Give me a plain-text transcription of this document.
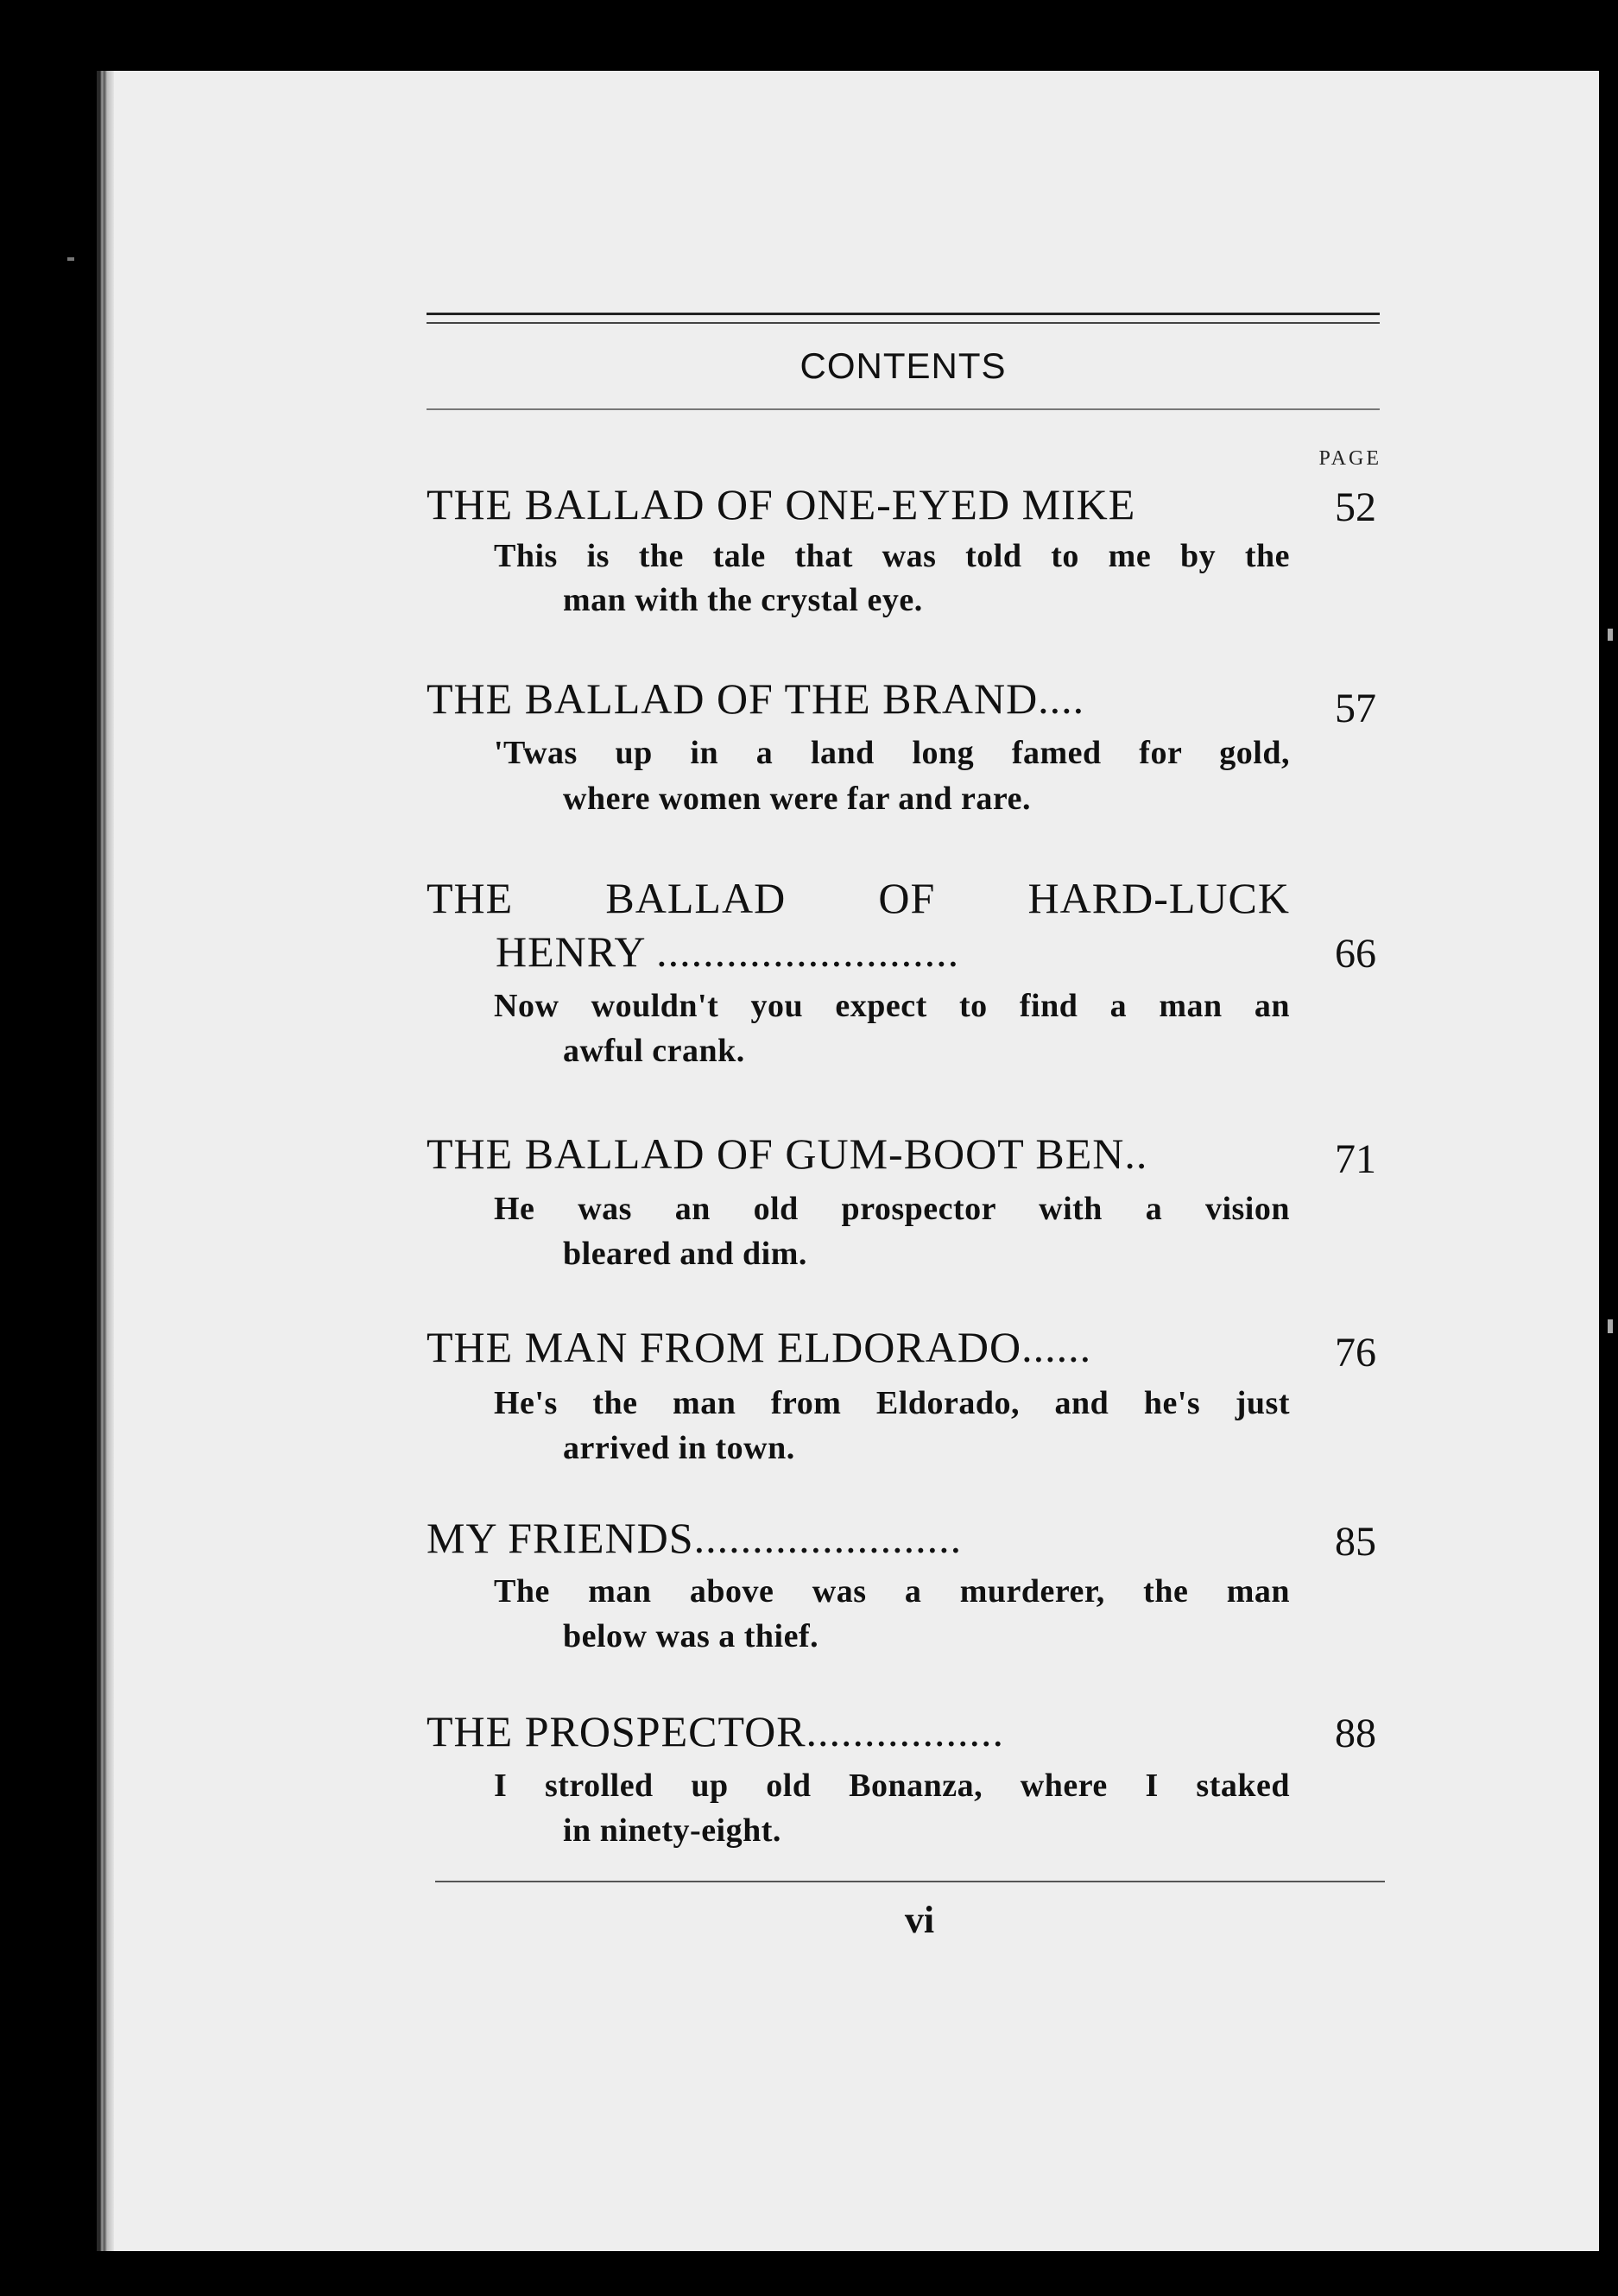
CONTENTS
PAGE
THE BALLAD OF ONE-EYED MIKE	52
This is the tale that was told to me by the
man with the crystal eye.
THE BALLAD OF THE BRAND....	57
'Twas up in a land long famed for gold,
where women were far and rare.
THE BALLAD OF HARD-LUCK
HENRY ..........................	66
Now wouldn't you expect to find a man an
awful crank.
THE BALLAD OF GUM-BOOT BEN..	71
He was an old prospector with a vision
bleared and dim.
THE MAN FROM ELDORADO......	76
He's the man from Eldorado, and he's just
arrived in town.
MY FRIENDS.......................	85
The man above was a murderer, the man
below was a thief.
THE PROSPECTOR.................	88
I strolled up old Bonanza, where I staked
in ninety-eight.
vi
